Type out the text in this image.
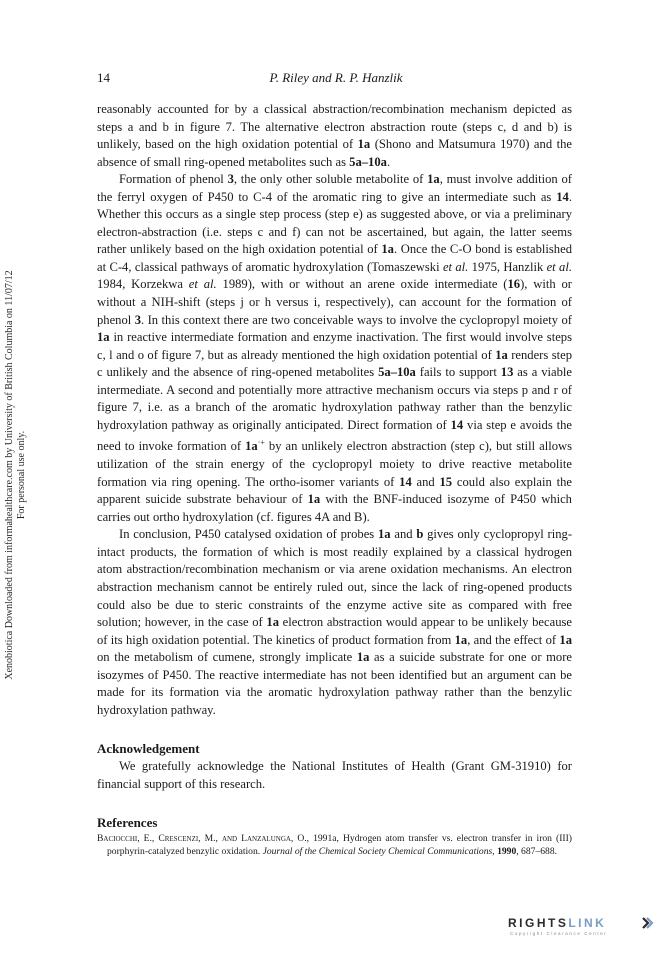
14	P. Riley and R. P. Hanzlik
Xenobiotica Downloaded from informahealthcare.com by University of British Columbia on 11/07/12 For personal use only.

reasonably accounted for by a classical abstraction/recombination mechanism depicted as steps a and b in figure 7. The alternative electron abstraction route (steps c, d and b) is unlikely, based on the high oxidation potential of 1a (Shono and Matsumura 1970) and the absence of small ring-opened metabolites such as 5a–10a.

Formation of phenol 3, the only other soluble metabolite of 1a, must involve addition of the ferryl oxygen of P450 to C-4 of the aromatic ring to give an intermediate such as 14. Whether this occurs as a single step process (step e) as suggested above, or via a preliminary electron-abstraction (i.e. steps c and f) can not be ascertained, but again, the latter seems rather unlikely based on the high oxidation potential of 1a. Once the C-O bond is established at C-4, classical pathways of aromatic hydroxylation (Tomaszewski et al. 1975, Hanzlik et al. 1984, Korzekwa et al. 1989), with or without an arene oxide intermediate (16), with or without a NIH-shift (steps j or h versus i, respectively), can account for the formation of phenol 3. In this context there are two conceivable ways to involve the cyclopropyl moiety of 1a in reactive intermediate formation and enzyme inactivation. The first would involve steps c, l and o of figure 7, but as already mentioned the high oxidation potential of 1a renders step c unlikely and the absence of ring-opened metabolites 5a–10a fails to support 13 as a viable intermediate. A second and potentially more attractive mechanism occurs via steps p and r of figure 7, i.e. as a branch of the aromatic hydroxylation pathway rather than the benzylic hydroxylation pathway as originally anticipated. Direct formation of 14 via step e avoids the need to invoke formation of 1a·+ by an unlikely electron abstraction (step c), but still allows utilization of the strain energy of the cyclopropyl moiety to drive reactive metabolite formation via ring opening. The ortho-isomer variants of 14 and 15 could also explain the apparent suicide substrate behaviour of 1a with the BNF-induced isozyme of P450 which carries out ortho hydroxylation (cf. figures 4A and B).

In conclusion, P450 catalysed oxidation of probes 1a and b gives only cyclopropyl ring-intact products, the formation of which is most readily explained by a classical hydrogen atom abstraction/recombination mechanism or via arene oxidation mechanisms. An electron abstraction mechanism cannot be entirely ruled out, since the lack of ring-opened products could also be due to steric constraints of the enzyme active site as compared with free solution; however, in the case of 1a electron abstraction would appear to be unlikely because of its high oxidation potential. The kinetics of product formation from 1a, and the effect of 1a on the metabolism of cumene, strongly implicate 1a as a suicide substrate for one or more isozymes of P450. The reactive intermediate has not been identified but an argument can be made for its formation via the aromatic hydroxylation pathway rather than the benzylic hydroxylation pathway.

Acknowledgement

We gratefully acknowledge the National Institutes of Health (Grant GM-31910) for financial support of this research.

References
Baciocchi, E., Crescenzi, M., and Lanzalunga, O., 1991a, Hydrogen atom transfer vs. electron transfer in iron (III) porphyrin-catalyzed benzylic oxidation. Journal of the Chemical Society Chemical Communications, 1990, 687–688.
RIGHTSLINK
Copyright Clearance Center
